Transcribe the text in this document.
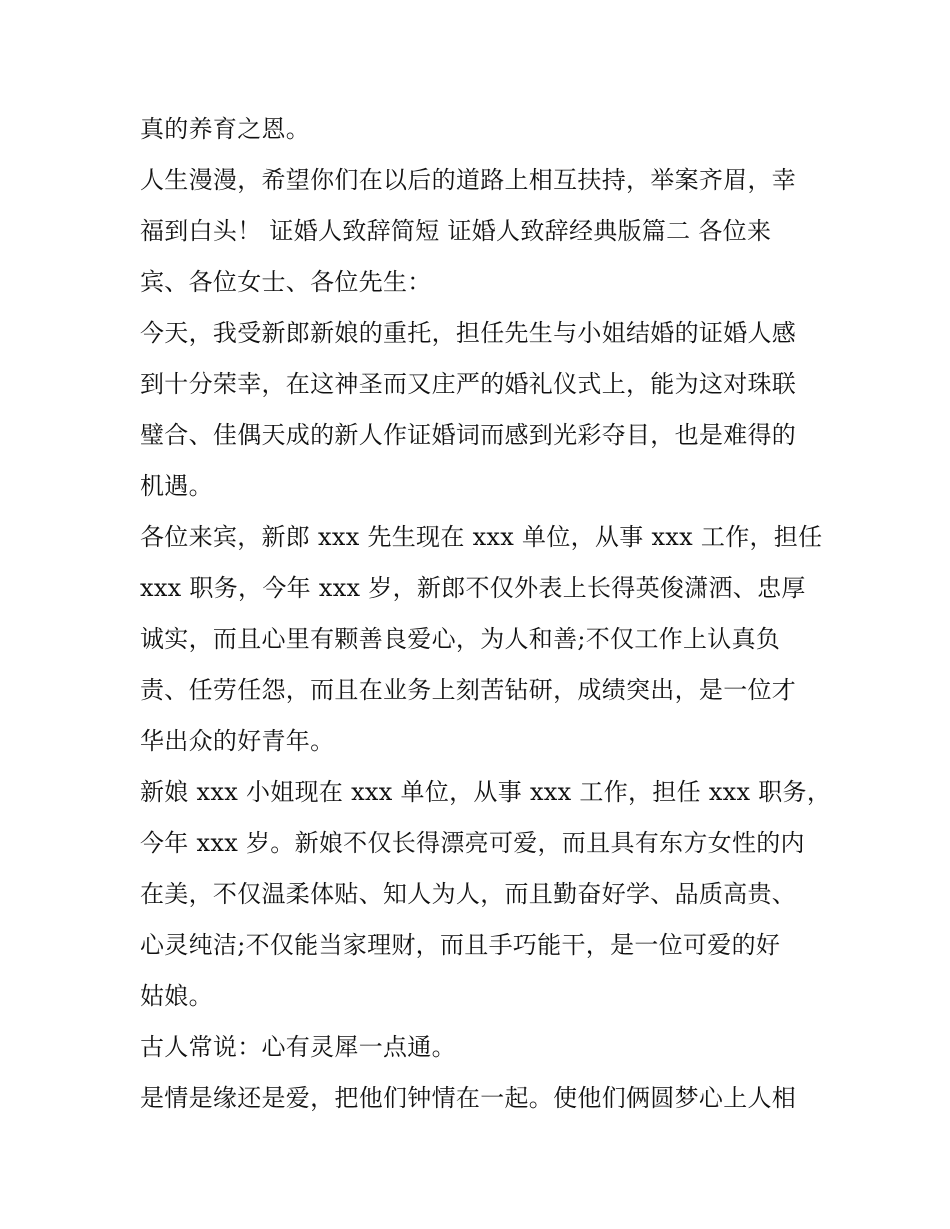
真的养育之恩。
人生漫漫，希望你们在以后的道路上相互扶持，举案齐眉，幸
福到白头！ 证婚人致辞简短 证婚人致辞经典版篇二 各位来
宾、各位女士、各位先生：
今天，我受新郎新娘的重托，担任先生与小姐结婚的证婚人感
到十分荣幸，在这神圣而又庄严的婚礼仪式上，能为这对珠联
璧合、佳偶天成的新人作证婚词而感到光彩夺目，也是难得的
机遇。
各位来宾，新郎 xxx 先生现在 xxx 单位，从事 xxx 工作，担任
xxx 职务，今年 xxx 岁，新郎不仅外表上长得英俊潇洒、忠厚
诚实，而且心里有颗善良爱心，为人和善;不仅工作上认真负
责、任劳任怨，而且在业务上刻苦钻研，成绩突出，是一位才
华出众的好青年。
新娘 xxx 小姐现在 xxx 单位，从事 xxx 工作，担任 xxx 职务，
今年 xxx 岁。新娘不仅长得漂亮可爱，而且具有东方女性的内
在美，不仅温柔体贴、知人为人，而且勤奋好学、品质高贵、
心灵纯洁;不仅能当家理财，而且手巧能干，是一位可爱的好
姑娘。
古人常说：心有灵犀一点通。
是情是缘还是爱，把他们钟情在一起。使他们俩圆梦心上人相
